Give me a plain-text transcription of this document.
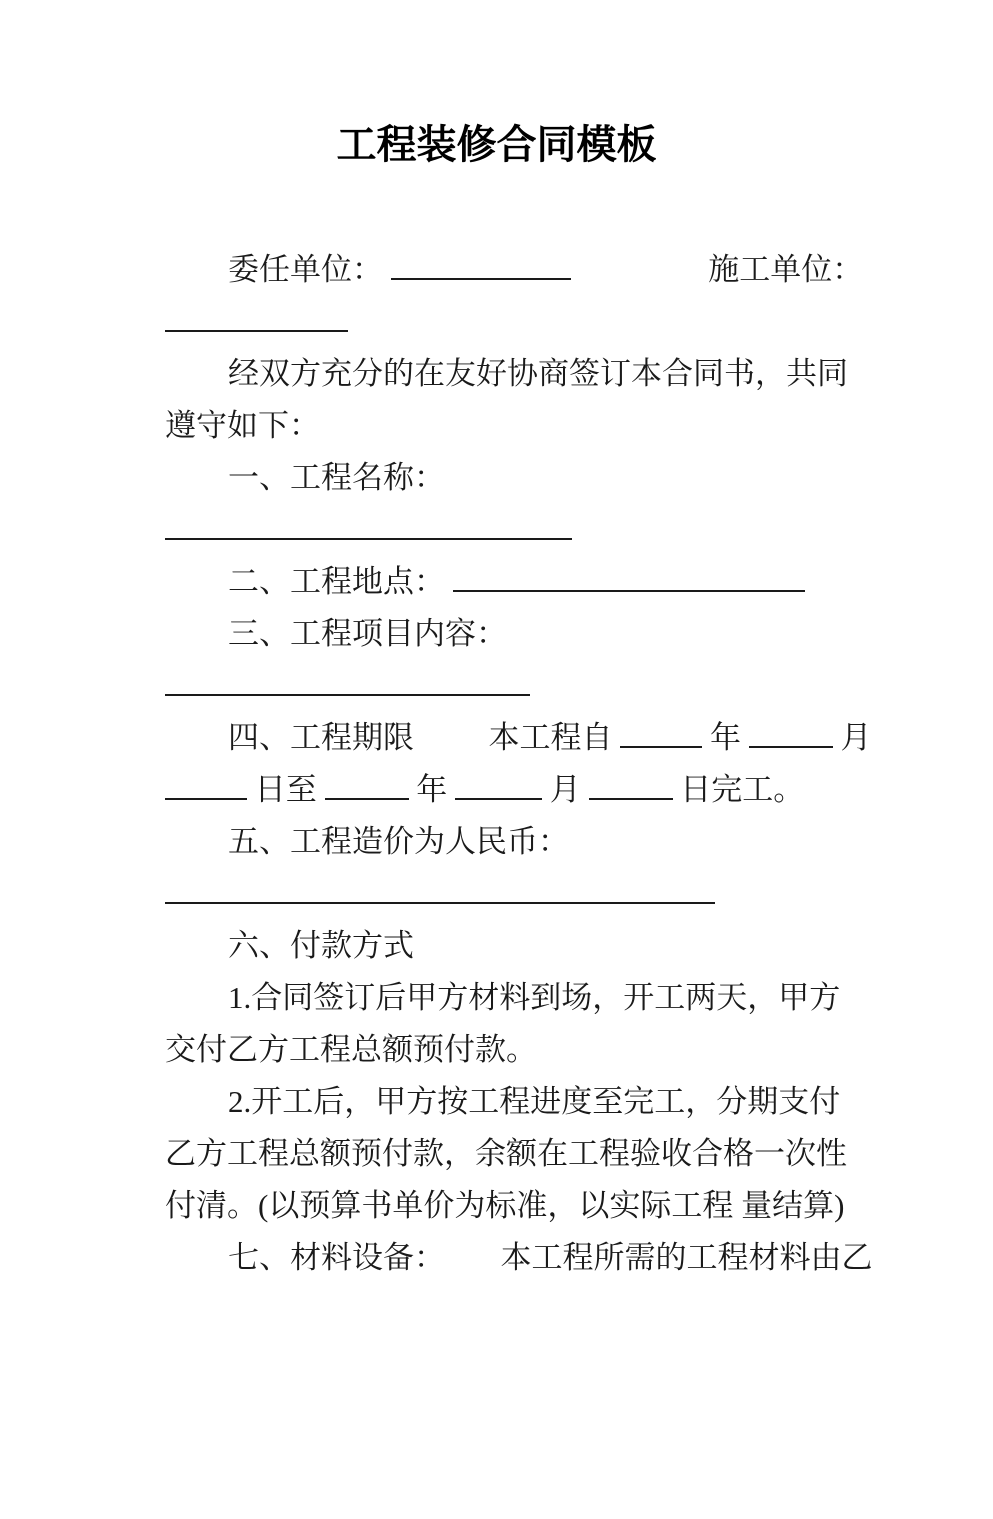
工程装修合同模板
委任单位：	施工单位：
经双方充分的在友好协商签订本合同书，共同
遵守如下：
一、工程名称：
二、工程地点：
三、工程项目内容：
四、工程期限 本工程自	年	月
日至	年	月	日完工。
五、工程造价为人民币：
六、付款方式
1.合同签订后甲方材料到场，开工两天，甲方
交付乙方工程总额预付款。
2.开工后，甲方按工程进度至完工，分期支付
乙方工程总额预付款，余额在工程验收合格一次性
付清。(以预算书单价为标准，以实际工程 量结算)
七、材料设备： 本工程所需的工程材料由乙
